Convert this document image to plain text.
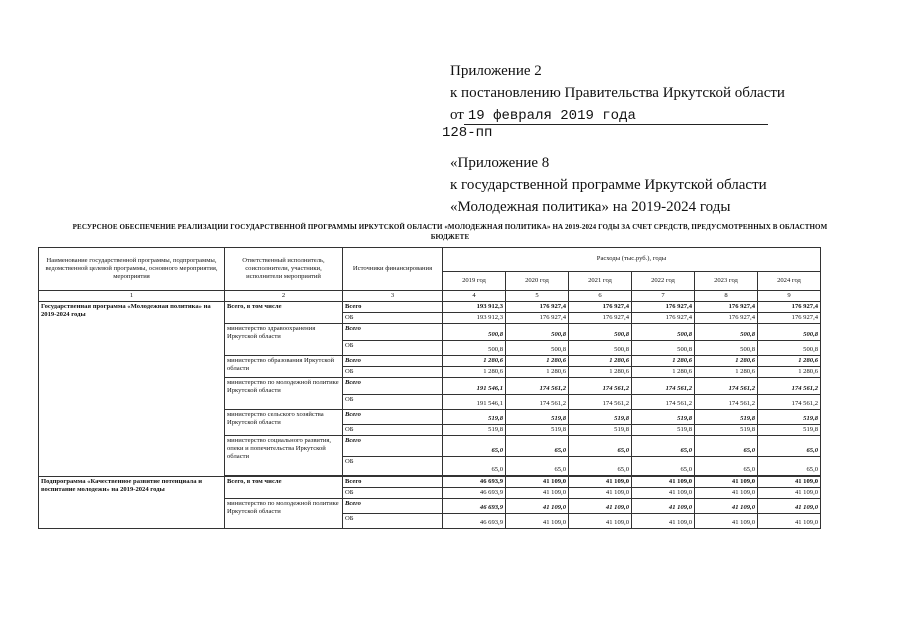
Приложение 2
к постановлению Правительства Иркутской области
от 19 февраля 2019 года
128-пп
«Приложение 8
к государственной программе Иркутской области
«Молодежная политика» на 2019-2024 годы
РЕСУРСНОЕ ОБЕСПЕЧЕНИЕ РЕАЛИЗАЦИИ ГОСУДАРСТВЕННОЙ ПРОГРАММЫ ИРКУТСКОЙ ОБЛАСТИ «МОЛОДЕЖНАЯ ПОЛИТИКА» НА 2019-2024 ГОДЫ ЗА СЧЕТ СРЕДСТВ, ПРЕДУСМОТРЕННЫХ В ОБЛАСТНОМ БЮДЖЕТЕ
Наименование государственной программы, подпрограммы, ведомственной целевой программы, основного мероприятия, мероприятия	Ответственный исполнитель, соисполнители, участники, исполнители мероприятий	Источники финансирования	Расходы (тыс.руб.), годы					
			2019 год	2020 год	2021 год	2022 год	2023 год	2024 год
1	2	3	4	5	6	7	8	9
Государственная программа «Молодежная политика» на 2019-2024 годы	Всего, в том числе	Всего	193 912,3	176 927,4	176 927,4	176 927,4	176 927,4	176 927,4
		ОБ	193 912,3	176 927,4	176 927,4	176 927,4	176 927,4	176 927,4
	министерство здравоохранения Иркутской области	Всего	500,8	500,8	500,8	500,8	500,8	500,8
		ОБ	500,8	500,8	500,8	500,8	500,8	500,8
	министерство образования Иркутской области	Всего	1 280,6	1 280,6	1 280,6	1 280,6	1 280,6	1 280,6
		ОБ	1 280,6	1 280,6	1 280,6	1 280,6	1 280,6	1 280,6
	министерство по молодежной политике Иркутской области	Всего	191 546,1	174 561,2	174 561,2	174 561,2	174 561,2	174 561,2
		ОБ	191 546,1	174 561,2	174 561,2	174 561,2	174 561,2	174 561,2
	министерство сельского хозяйства Иркутской области	Всего	519,8	519,8	519,8	519,8	519,8	519,8
		ОБ	519,8	519,8	519,8	519,8	519,8	519,8
	министерство социального развития, опеки и попечительства Иркутской области	Всего	65,0	65,0	65,0	65,0	65,0	65,0
		ОБ	65,0	65,0	65,0	65,0	65,0	65,0

Подпрограмма «Качественное развитие потенциала и воспитание молодежи» на 2019-2024 годы	Всего, в том числе	Всего	46 693,9	41 109,0	41 109,0	41 109,0	41 109,0	41 109,0
		ОБ	46 693,9	41 109,0	41 109,0	41 109,0	41 109,0	41 109,0
	министерство по молодежной политике Иркутской области	Всего	46 693,9	41 109,0	41 109,0	41 109,0	41 109,0	41 109,0
		ОБ	46 693,9	41 109,0	41 109,0	41 109,0	41 109,0	41 109,0
